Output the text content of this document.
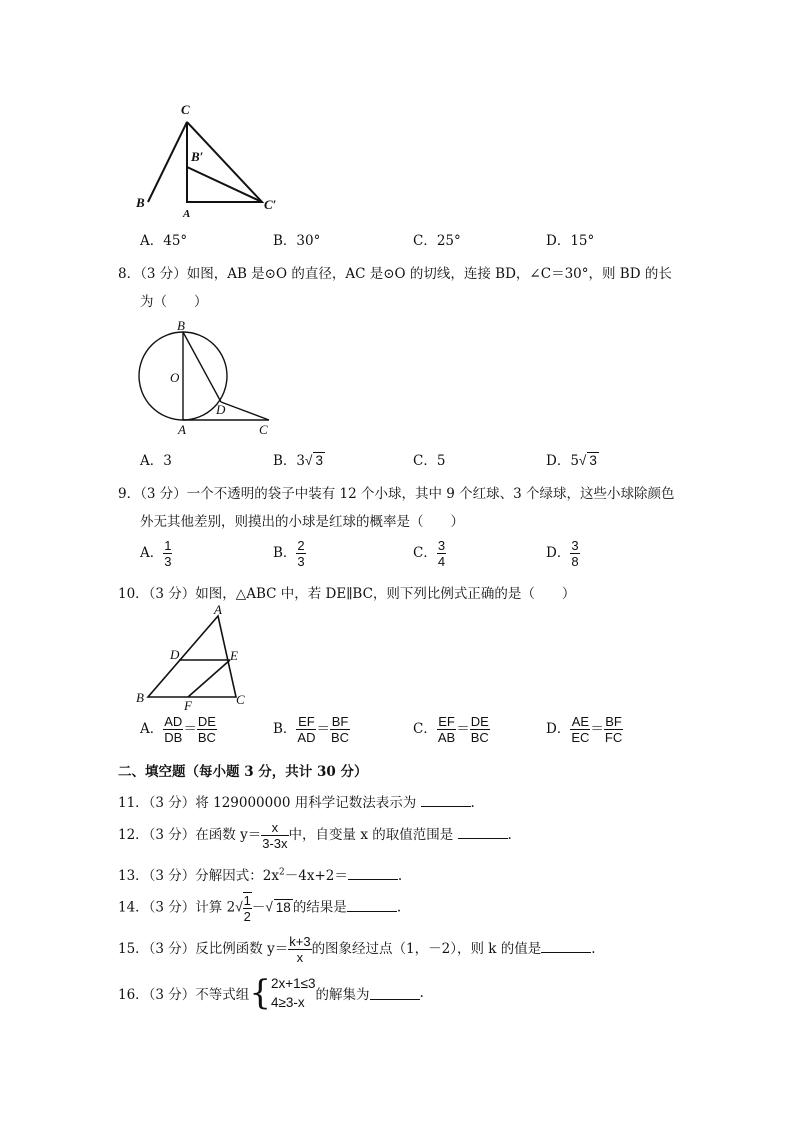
C
B′
B
A
C′
A．45°	B．30°	C．25°	D．15°
8．（3 分）如图，AB 是⊙O 的直径，AC 是⊙O 的切线，连接 BD，∠C＝30°，则 BD 的长
为（　　）
B
O
D
A	C
A．3	B．3√ 3	C．5	D．5√ 3
9．（3 分）一个不透明的袋子中装有 12 个小球，其中 9 个红球、3 个绿球，这些小球除颜色
外无其他差别，则摸出的小球是红球的概率是（　　）
A． $\frac{1}{3}$	B． $\frac{2}{3}$	C． $\frac{3}{4}$	D． $\frac{3}{8}$
10．（3 分）如图，△ABC 中，若 DE∥BC，则下列比例式正确的是（　　）
A
D	E
B
F	C
A． $\frac{AD}{DB} = \frac{DE}{BC}$	B． $\frac{EF}{AD} = \frac{BF}{BC}$	C． $\frac{EF}{AB} = \frac{DE}{BC}$	D． $\frac{AE}{EC} = \frac{BF}{FC}$
二、填空题（每小题 3 分，共计 30 分）
11．（3 分）将 129000000 用科学记数法表示为	.
12．（3 分）在函数 $y= \frac{x}{3-3x}$ 中，自变量 x 的取值范围是	.
13．（3 分）分解因式：$2x^2-4x+2=$	.
14．（3 分）计算 $2√ \frac{1}{2}$ －√ 18 的结果是	.
15．（3 分）反比例函数 $y= \frac{k+3}{x}$ 的图象经过点（1，－2），则 k 的值是	.
16．（3 分）不等式组 { 2x+1≤3
4≥3-x 的解集为	.
